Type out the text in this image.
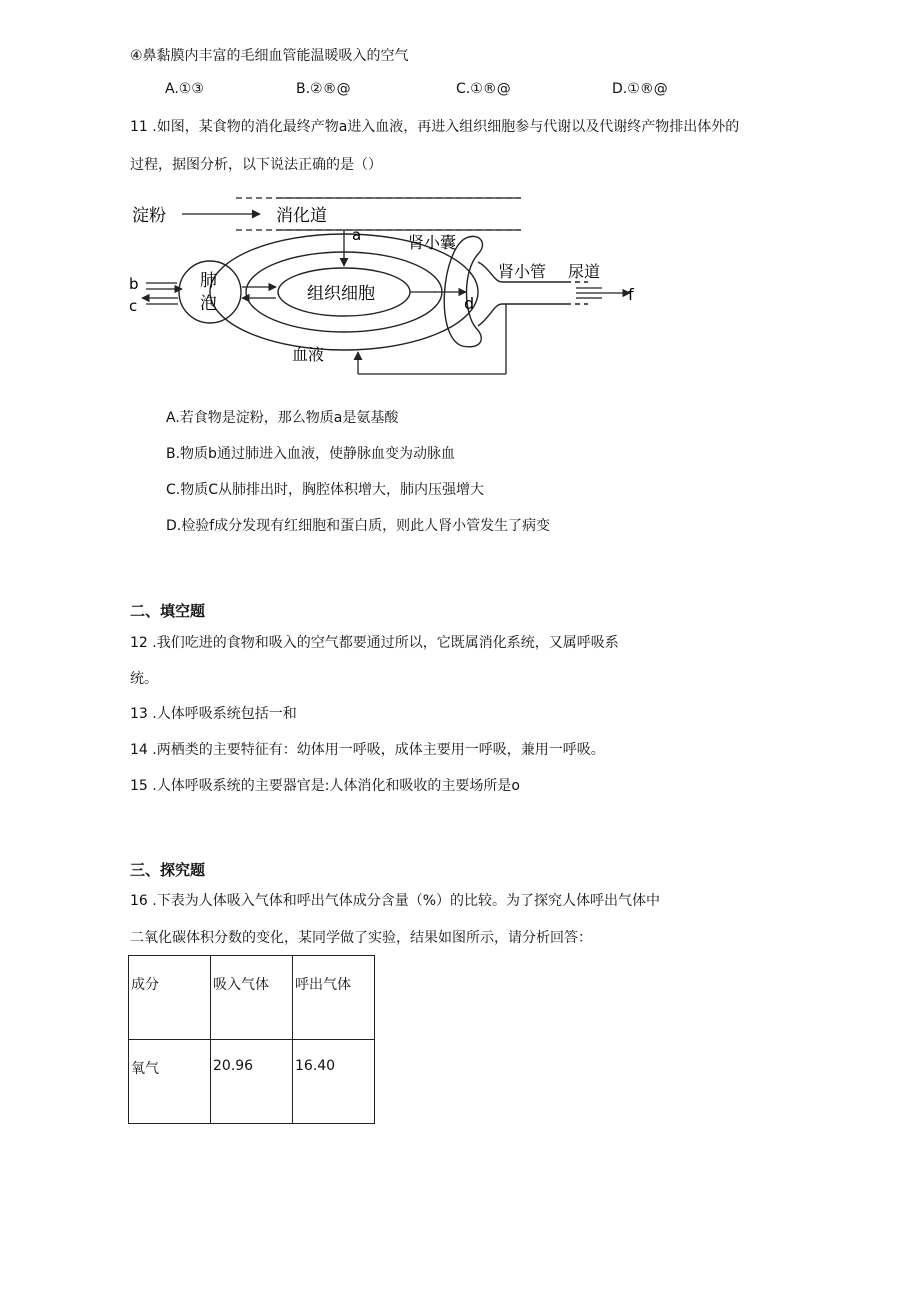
④鼻黏膜内丰富的毛细血管能温暖吸入的空气
A.①③	B.②®@	C.①®@	D.①®@
11 .如图，某食物的消化最终产物a进入血液，再进入组织细胞参与代谢以及代谢终产物排出体外的
过程，据图分析，以下说法正确的是（）
淀粉	消化道
组织细胞
a
肺
泡
b
c
肾小囊
d
肾小管 尿道
f
血液
A.若食物是淀粉，那么物质a是氨基酸
B.物质b通过肺进入血液，使静脉血变为动脉血
C.物质C从肺排出时，胸腔体积增大，肺内压强增大
D.检验f成分发现有红细胞和蛋白质，则此人肾小管发生了病变
二、填空题
12 .我们吃进的食物和吸入的空气都要通过所以，它既属消化系统，又属呼吸系
统。
13 .人体呼吸系统包括一和
14 .两栖类的主要特征有：幼体用一呼吸，成体主要用一呼吸，兼用一呼吸。
15 .人体呼吸系统的主要器官是:人体消化和吸收的主要场所是o
三、探究题
16 .下表为人体吸入气体和呼出气体成分含量（%）的比较。为了探究人体呼出气体中
二氧化碳体积分数的变化，某同学做了实验，结果如图所示，请分析回答：
成分	吸入气体	呼出气体
氧气	20.96	16.40
